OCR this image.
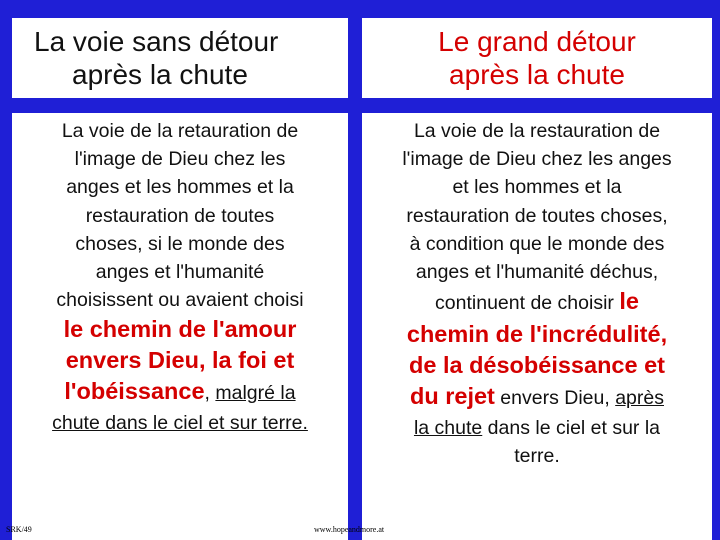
La voie sans détour
après la chute
Le grand détour
après la chute
La voie de la retauration de
l'image de Dieu chez les
anges et les hommes et la
restauration de toutes
choses, si le monde des
anges et l'humanité
choisissent ou avaient choisi
le chemin de l'amour
envers Dieu, la foi et
l'obéissance, malgré la
chute dans le ciel et sur terre.
La voie de la restauration de
l'image de Dieu chez les anges
et les hommes et la
restauration de toutes choses,
à condition que le monde des
anges et l'humanité déchus,
continuent de choisir le
chemin de l'incrédulité,
de la désobéissance et
du rejet envers Dieu, après
la chute dans le ciel et sur la
terre.
SRK/49	www.hopeandmore.at
